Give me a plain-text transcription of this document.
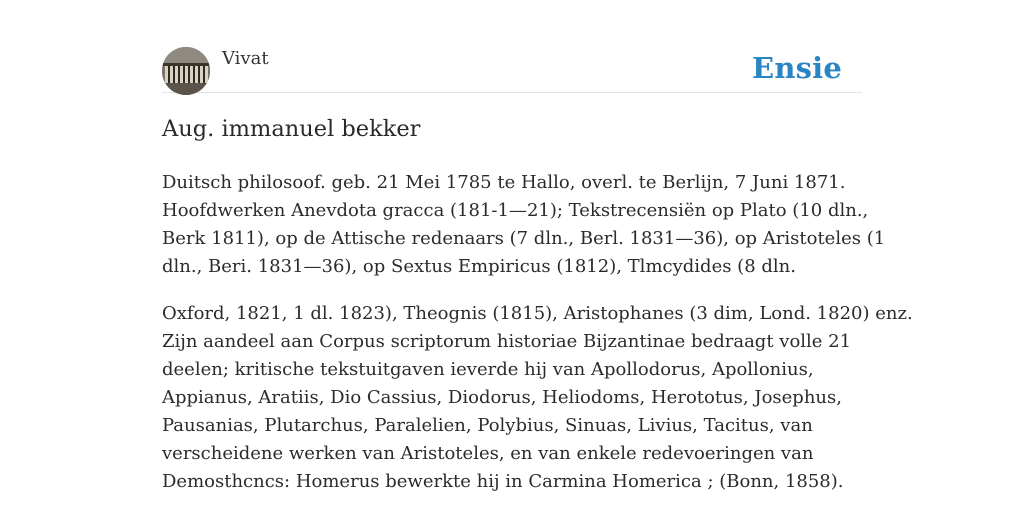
Vivat	Ensie
Aug. immanuel bekker

Duitsch philosoof. geb. 21 Mei 1785 te Hallo, overl. te Berlijn, 7 Juni 1871.
Hoofdwerken Anevdota gracca (181-1—21); Tekstrecensiën op Plato (10 dln.,
Berk 1811), op de Attische redenaars (7 dln., Berl. 1831—36), op Aristoteles (1
dln., Beri. 1831—36), op Sextus Empiricus (1812), Tlmcydides (8 dln.

Oxford, 1821, 1 dl. 1823), Theognis (1815), Aristophanes (3 dim, Lond. 1820) enz.
Zijn aandeel aan Corpus scriptorum historiae Bijzantinae bedraagt volle 21
deelen; kritische tekstuitgaven ieverde hij van Apollodorus, Apollonius,
Appianus, Aratiis, Dio Cassius, Diodorus, Heliodoms, Herototus, Josephus,
Pausanias, Plutarchus, Paralelien, Polybius, Sinuas, Livius, Tacitus, van
verscheidene werken van Aristoteles, en van enkele redevoeringen van
Demosthcncs: Homerus bewerkte hij in Carmina Homerica ; (Bonn, 1858).
